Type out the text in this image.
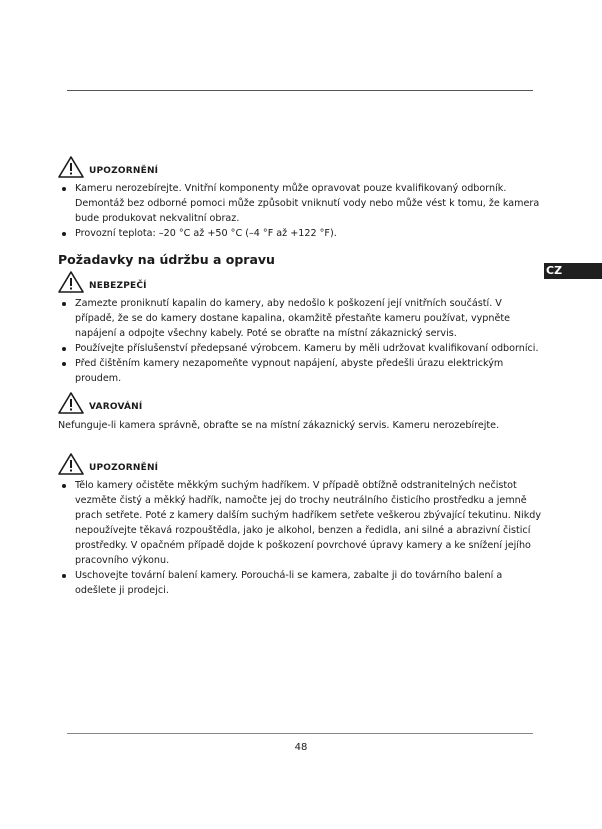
CZ
UPOZORNĚNÍ
Kameru nerozebírejte. Vnitřní komponenty může opravovat pouze kvalifikovaný odborník. Demontáž bez odborné pomoci může způsobit vniknutí vody nebo může vést k tomu, že kamera bude produkovat nekvalitní obraz.
Provozní teplota: –20 °C až +50 °C (–4 °F až +122 °F).
Požadavky na údržbu a opravu
NEBEZPEČÍ
Zamezte proniknutí kapalin do kamery, aby nedošlo k poškození její vnitřních součástí. V případě, že se do kamery dostane kapalina, okamžitě přestaňte kameru používat, vypněte napájení a odpojte všechny kabely. Poté se obraťte na místní zákaznický servis.
Používejte příslušenství předepsané výrobcem. Kameru by měli udržovat kvalifikovaní odborníci.
Před čištěním kamery nezapomeňte vypnout napájení, abyste předešli úrazu elektrickým proudem.
VAROVÁNÍ

Nefunguje-li kamera správně, obraťte se na místní zákaznický servis. Kameru nerozebírejte.

UPOZORNĚNÍ
Tělo kamery očistěte měkkým suchým hadříkem. V případě obtížně odstranitelných nečistot vezměte čistý a měkký hadřík, namočte jej do trochy neutrálního čisticího prostředku a jemně prach setřete. Poté z kamery dalším suchým hadříkem setřete veškerou zbývající tekutinu. Nikdy nepoužívejte těkavá rozpouštědla, jako je alkohol, benzen a ředidla, ani silné a abrazivní čisticí prostředky. V opačném případě dojde k poškození povrchové úpravy kamery a ke snížení jejího pracovního výkonu.
Uschovejte tovární balení kamery. Porouchá-li se kamera, zabalte ji do továrního balení a odešlete ji prodejci.
48
